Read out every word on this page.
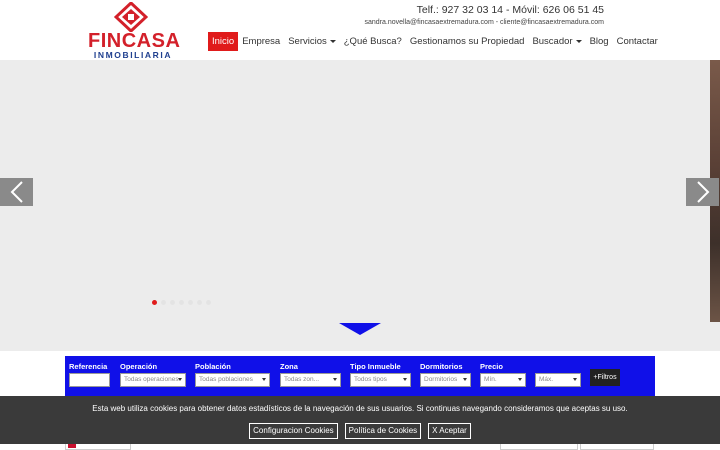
FINCASA
INMOBILIARIA
Telf.: 927 32 03 14 - Móvil: 626 06 51 45
sandra.novella@fincasaextremadura.com - cliente@fincasaextremadura.com
Inicio Empresa Servicios	¿Qué Busca? Gestionamos su Propiedad Buscador	Blog Contactar
+Filtros
Referencia	Operación
Todas operaciones
Población
Todas poblaciones
Zona
Todas zon...
Tipo Inmueble
Todos tipos
Dormitorios
Dormitorios
Precio
Mín.	Máx.
Esta web utiliza cookies para obtener datos estadísticos de la navegación de sus usuarios. Si continuas navegando consideramos que aceptas su uso.
Configuracion Cookies	Política de Cookies	X Aceptar
